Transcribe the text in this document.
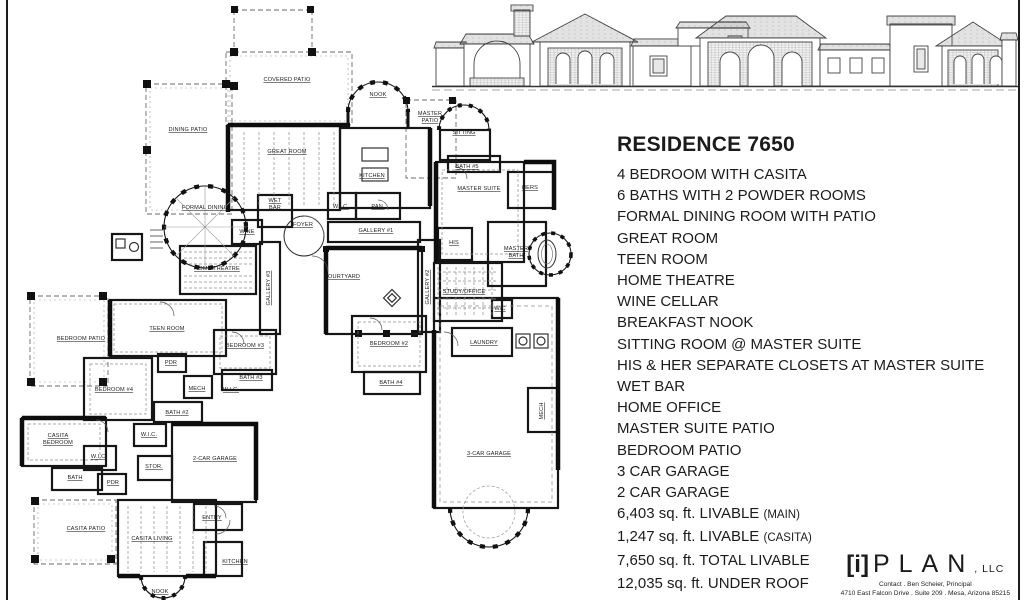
COVERED PATIO
NOOK
DINING PATIO
GREAT ROOM
KITCHEN
MASTER
PATIO
SITTING
BATH #5
MASTER SUITE	HERS
HIS
MASTER
BATH
FORMAL DINING
WET
BAR
WINE
W.I.C.	PAN.
FOYER
GALLERY #1
GALLERY #2
GALLERY #3
HOME THEATRE
COURTYARD
TEEN ROOM
BEDROOM PATIO
BEDROOM #4
PDR
MECH
BATH #2
W.I.C.
BEDROOM #3
BATH #3
W.I.C.
BEDROOM #2
BATH #4
STUDY/OFFICE
W/C
LAUNDRY
MECH
3-CAR GARAGE
2-CAR GARAGE
ENTRY
CASITA PATIO
CASITA LIVING
KITCHEN
NOOK
CASITA
BEDROOM
W.I.C.
STOR.
BATH
PDR
RESIDENCE 7650
4 BEDROOM WITH CASITA
6 BATHS WITH 2 POWDER ROOMS
FORMAL DINING ROOM WITH PATIO
GREAT ROOM
TEEN ROOM
HOME THEATRE
WINE CELLAR
BREAKFAST NOOK
SITTING ROOM @ MASTER SUITE
HIS & HER SEPARATE CLOSETS AT MASTER SUITE
WET BAR
HOME OFFICE
MASTER SUITE PATIO
BEDROOM PATIO
3 CAR GARAGE
2 CAR GARAGE
6,403 sq. ft. LIVABLE (MAIN)
1,247 sq. ft. LIVABLE (CASITA)
7,650 sq. ft. TOTAL LIVABLE
12,035 sq. ft. UNDER ROOF
[i] PLAN, LLC
Contact . Ben Scheier, Principal
4710 East Falcon Drive . Suite 209 . Mesa, Arizona 85215
